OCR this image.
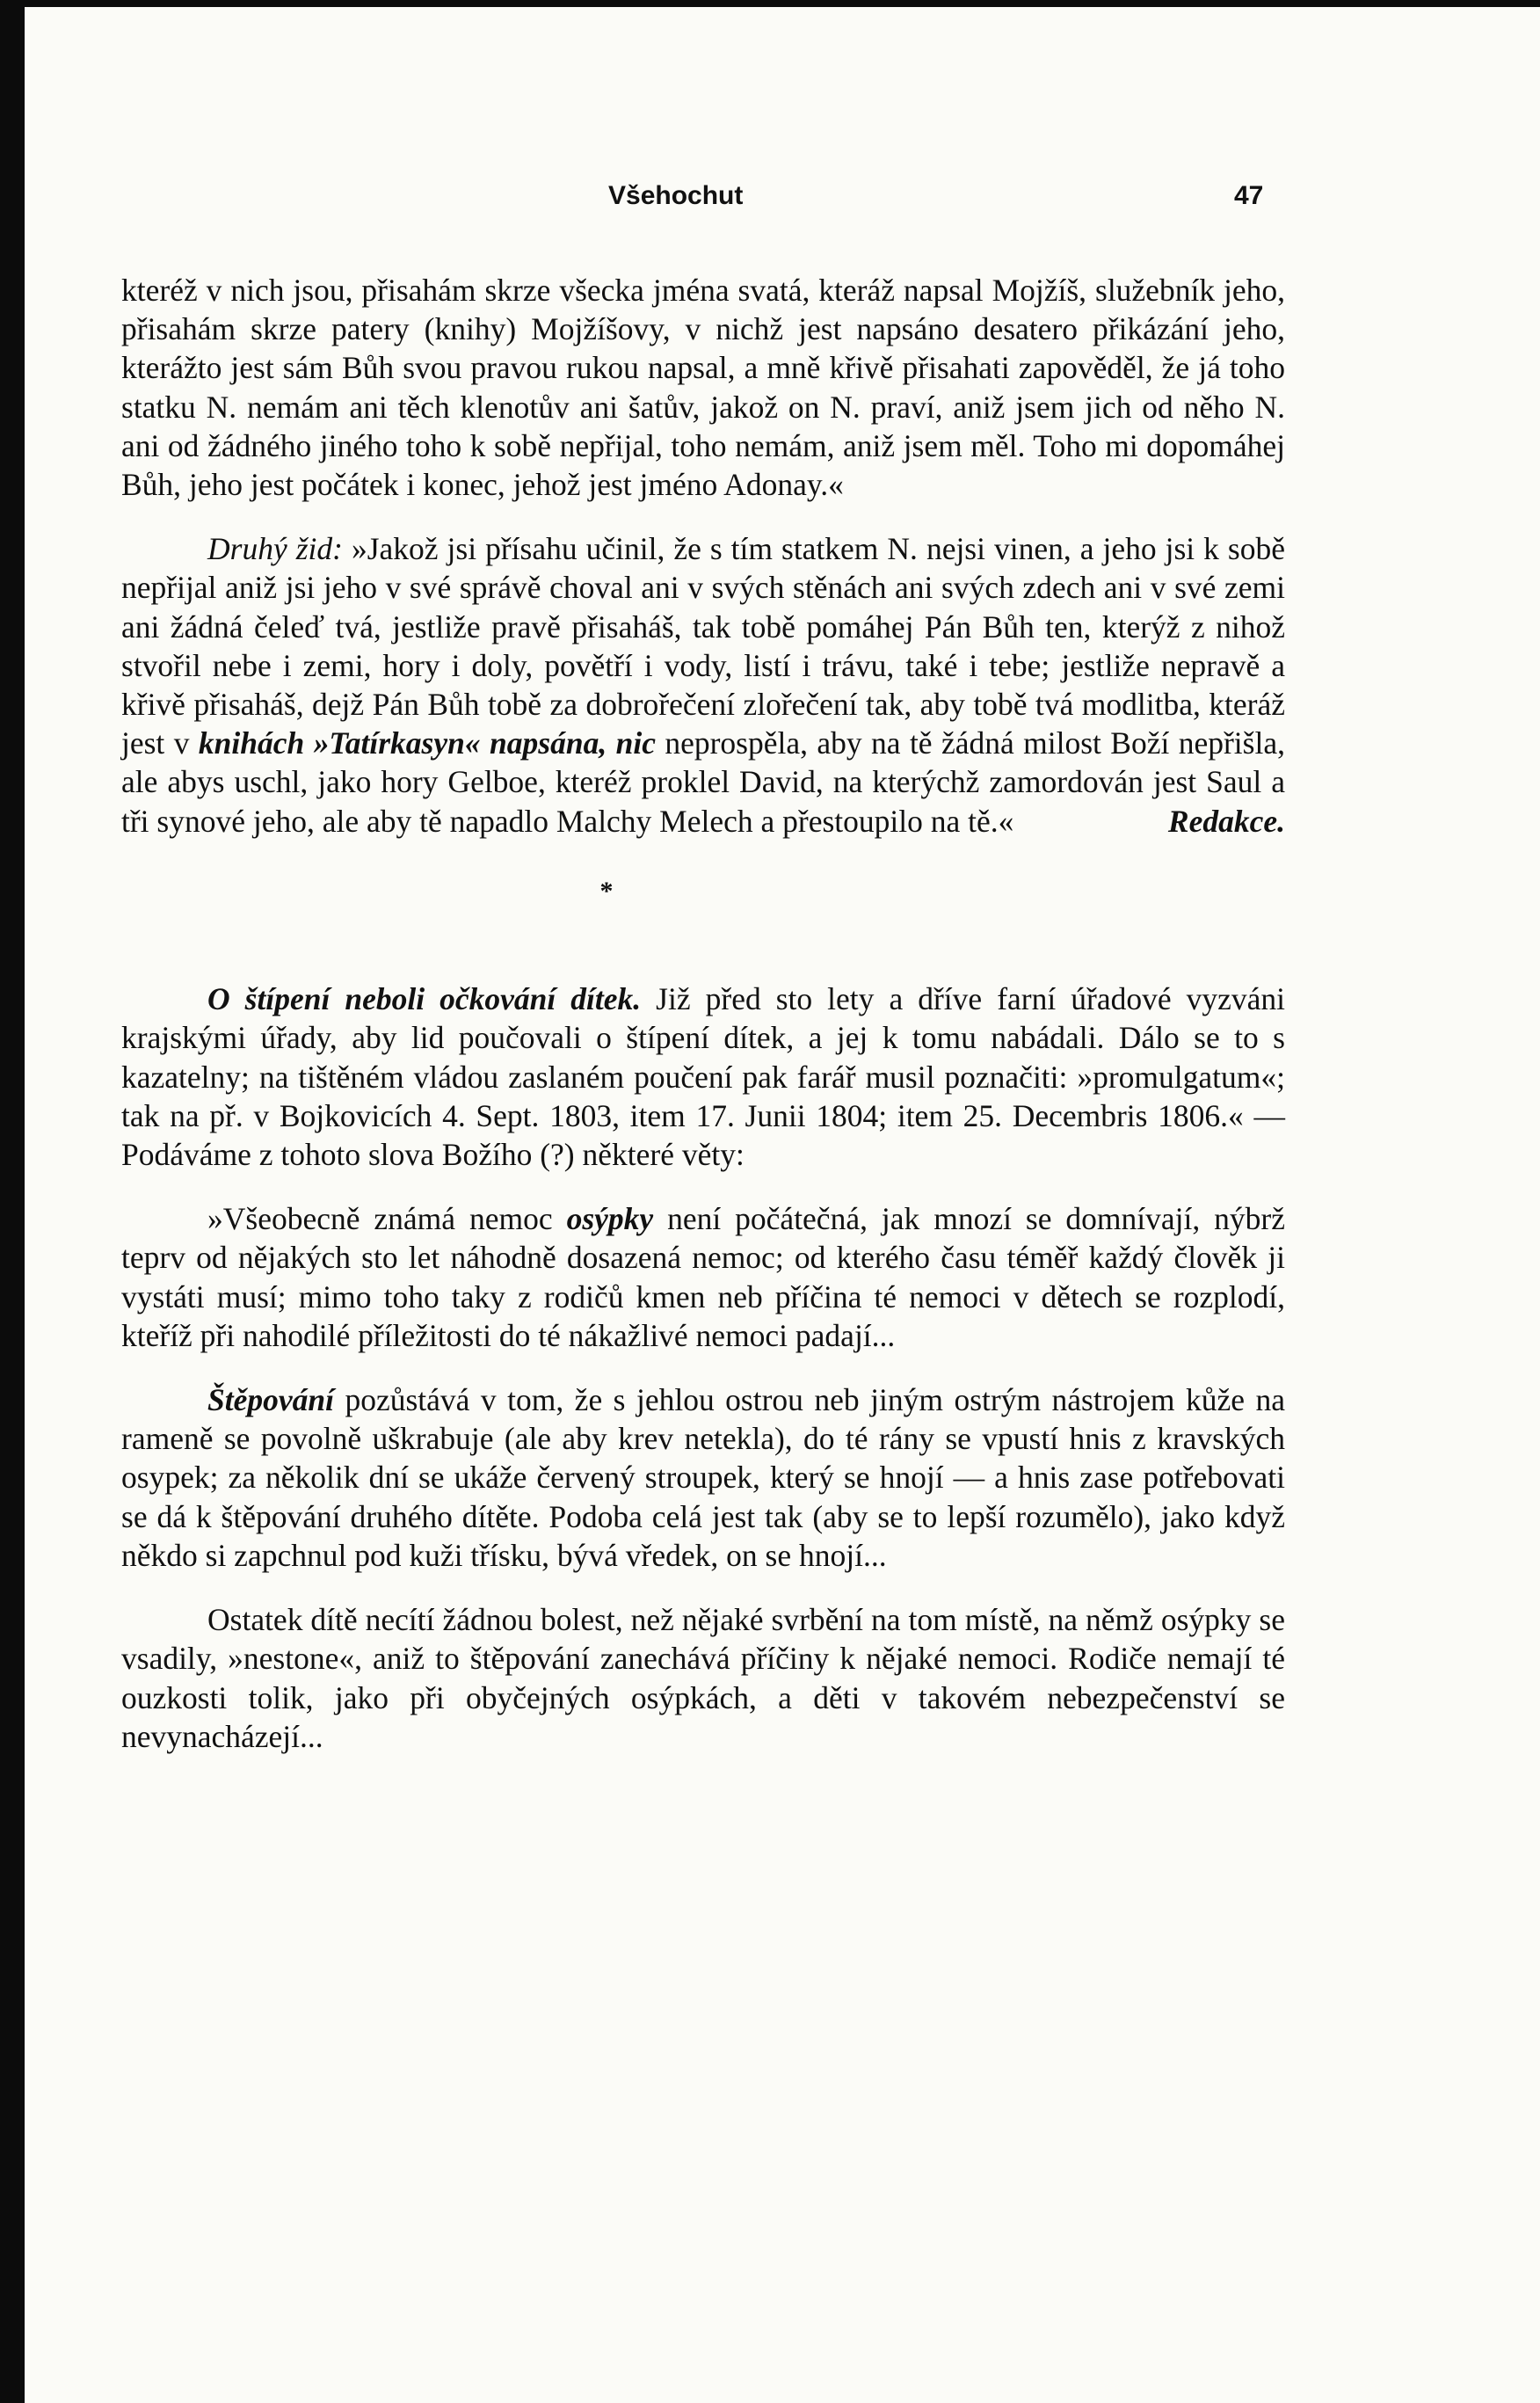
Všehochut	47

kteréž v nich jsou, přisahám skrze všecka jména svatá, kteráž napsal Mojžíš, služebník jeho, přisahám skrze patery (knihy) Mojžíšovy, v nichž jest napsáno desatero přikázání jeho, kterážto jest sám Bůh svou pravou rukou napsal, a mně křivě přisahati zapověděl, že já toho statku N. nemám ani těch klenotův ani šatův, jakož on N. praví, aniž jsem jich od něho N. ani od žádného jiného toho k sobě nepřijal, toho nemám, aniž jsem měl. Toho mi dopomáhej Bůh, jeho jest počátek i konec, jehož jest jméno Adonay.«

Druhý žid: »Jakož jsi přísahu učinil, že s tím statkem N. nejsi vinen, a jeho jsi k sobě nepřijal aniž jsi jeho v své správě choval ani v svých stěnách ani svých zdech ani v své zemi ani žádná čeleď tvá, jestliže pravě přisaháš, tak tobě pomáhej Pán Bůh ten, kterýž z nihož stvořil nebe i zemi, hory i doly, povětří i vody, listí i trávu, také i tebe; jestliže nepravě a křivě přisaháš, dejž Pán Bůh tobě za dobrořečení zlořečení tak, aby tobě tvá modlitba, kteráž jest v knihách »Tatírkasyn« napsána, nic neprospěla, aby na tě žádná milost Boží nepřišla, ale abys uschl, jako hory Gelboe, kteréž proklel David, na kterýchž zamordován jest Saul a tři synové jeho, ale aby tě napadlo Malchy Melech a přestoupilo na tě.«	Redakce.
*

O štípení neboli očkování dítek. Již před sto lety a dříve farní úřadové vyzváni krajskými úřady, aby lid poučovali o štípení dítek, a jej k tomu nabádali. Dálo se to s kazatelny; na tištěném vládou zaslaném poučení pak farář musil poznačiti: »promulgatum«; tak na př. v Bojkovicích 4. Sept. 1803, item 17. Junii 1804; item 25. Decembris 1806.« — Podáváme z tohoto slova Božího (?) některé věty:

»Všeobecně známá nemoc osýpky není počátečná, jak mnozí se domnívají, nýbrž teprv od nějakých sto let náhodně dosazená nemoc; od kterého času téměř každý člověk ji vystáti musí; mimo toho taky z rodičů kmen neb příčina té nemoci v dětech se rozplodí, kteříž při nahodilé příležitosti do té nákažlivé nemoci padají...

Štěpování pozůstává v tom, že s jehlou ostrou neb jiným ostrým nástrojem kůže na rameně se povolně uškrabuje (ale aby krev netekla), do té rány se vpustí hnis z kravských osypek; za několik dní se ukáže červený stroupek, který se hnojí — a hnis zase potřebovati se dá k štěpování druhého dítěte. Podoba celá jest tak (aby se to lepší rozumělo), jako když někdo si zapchnul pod kuži třísku, bývá vředek, on se hnojí...

Ostatek dítě necítí žádnou bolest, než nějaké svrbění na tom místě, na němž osýpky se vsadily, »nestone«, aniž to štěpování zanechává příčiny k nějaké nemoci. Rodiče nemají té ouzkosti tolik, jako při obyčejných osýpkách, a děti v takovém nebezpečenství se nevynacházejí...
